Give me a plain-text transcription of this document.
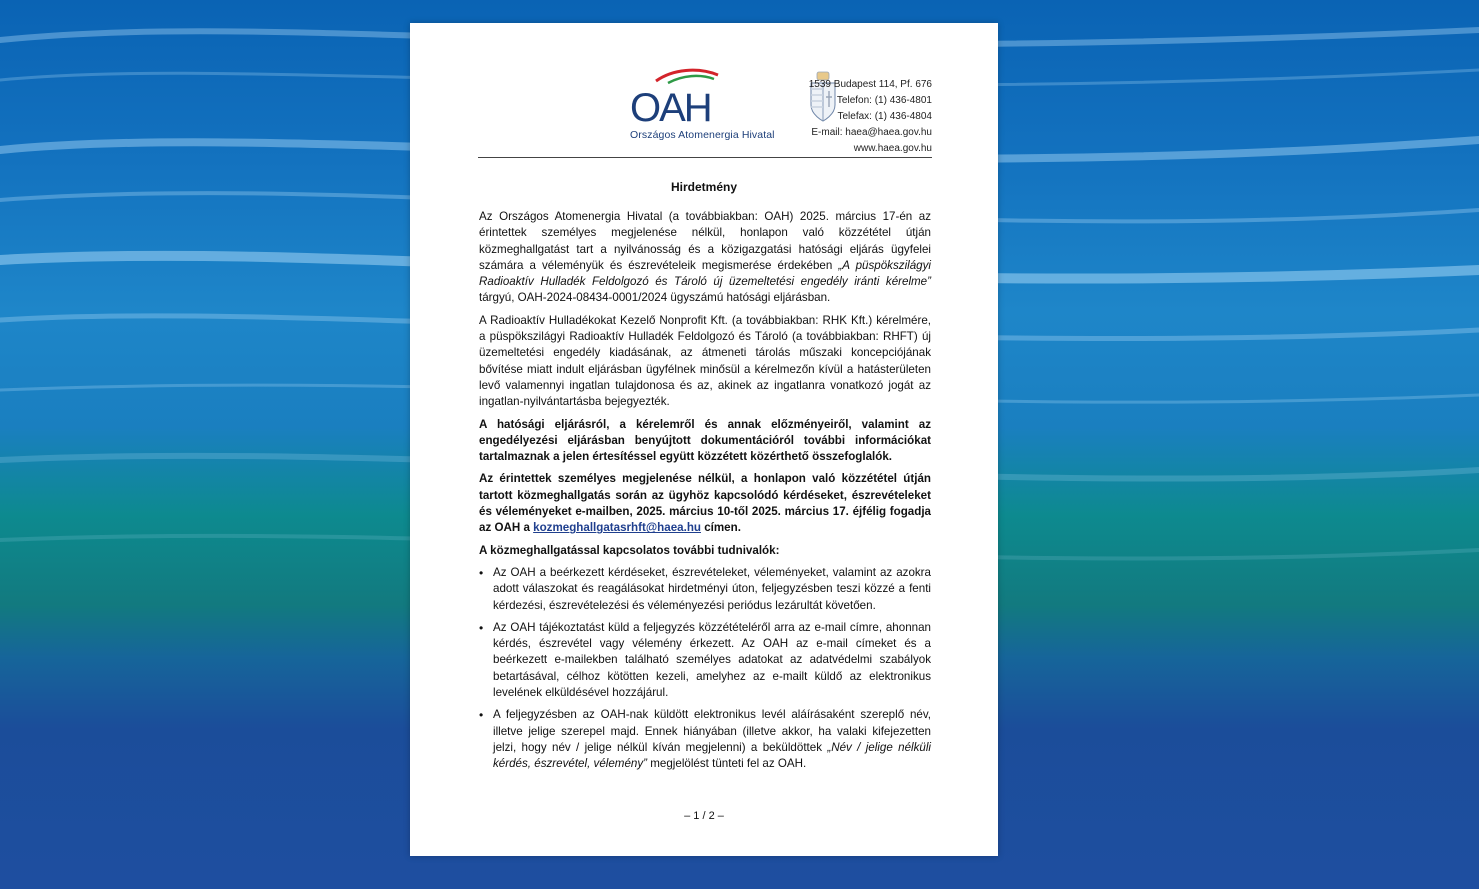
OAH
Országos Atomenergia Hivatal
1539 Budapest 114, Pf. 676
Telefon: (1) 436-4801
Telefax: (1) 436-4804
E-mail: haea@haea.gov.hu
www.haea.gov.hu
Hirdetmény

Az Országos Atomenergia Hivatal (a továbbiakban: OAH) 2025. március 17-én az érintettek személyes megjelenése nélkül, honlapon való közzététel útján közmeghallgatást tart a nyilvánosság és a közigazgatási hatósági eljárás ügyfelei számára a véleményük és észrevételeik megismerése érdekében „A püspökszilágyi Radioaktív Hulladék Feldolgozó és Tároló új üzemeltetési engedély iránti kérelme” tárgyú, OAH-2024-08434-0001/2024 ügyszámú hatósági eljárásban.

A Radioaktív Hulladékokat Kezelő Nonprofit Kft. (a továbbiakban: RHK Kft.) kérelmére, a püspökszilágyi Radioaktív Hulladék Feldolgozó és Tároló (a továbbiakban: RHFT) új üzemeltetési engedély kiadásának, az átmeneti tárolás műszaki koncepciójának bővítése miatt indult eljárásban ügyfélnek minősül a kérelmezőn kívül a hatásterületen levő valamennyi ingatlan tulajdonosa és az, akinek az ingatlanra vonatkozó jogát az ingatlan-nyilvántartásba bejegyezték.

A hatósági eljárásról, a kérelemről és annak előzményeiről, valamint az engedélyezési eljárásban benyújtott dokumentációról további információkat tartalmaznak a jelen értesítéssel együtt közzétett közérthető összefoglalók.

Az érintettek személyes megjelenése nélkül, a honlapon való közzététel útján tartott közmeghallgatás során az ügyhöz kapcsolódó kérdéseket, észrevételeket és véleményeket e-mailben, 2025. március 10-től 2025. március 17. éjfélig fogadja az OAH a kozmeghallgatasrhft@haea.hu címen.

A közmeghallgatással kapcsolatos további tudnivalók:

• Az OAH a beérkezett kérdéseket, észrevételeket, véleményeket, valamint az azokra adott válaszokat és reagálásokat hirdetményi úton, feljegyzésben teszi közzé a fenti kérdezési, észrevételezési és véleményezési periódus lezárultát követően.
• Az OAH tájékoztatást küld a feljegyzés közzétételéről arra az e-mail címre, ahonnan kérdés, észrevétel vagy vélemény érkezett. Az OAH az e-mail címeket és a beérkezett e-mailekben található személyes adatokat az adatvédelmi szabályok betartásával, célhoz kötötten kezeli, amelyhez az e-mailt küldő az elektronikus levelének elküldésével hozzájárul.
• A feljegyzésben az OAH-nak küldött elektronikus levél aláírásaként szereplő név, illetve jelige szerepel majd. Ennek hiányában (illetve akkor, ha valaki kifejezetten jelzi, hogy név / jelige nélkül kíván megjelenni) a beküldöttek „Név / jelige nélküli kérdés, észrevétel, vélemény” megjelölést tünteti fel az OAH.
– 1 / 2 –
